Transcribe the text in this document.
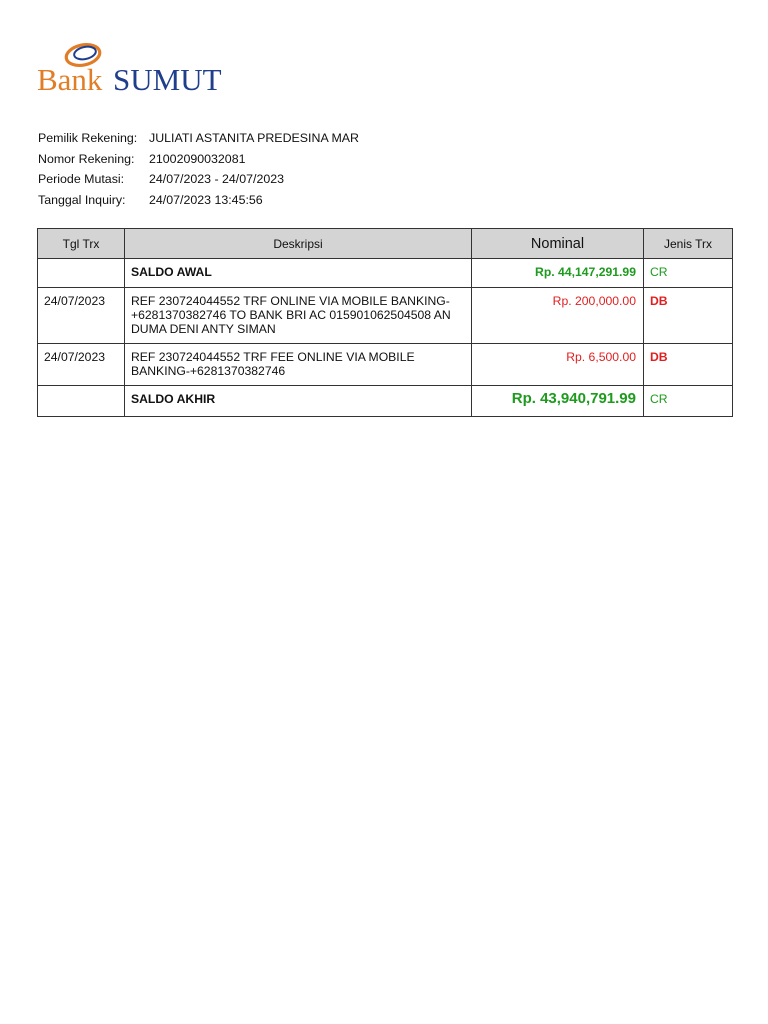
Bank SUMUT
Pemilik Rekening: JULIATI ASTANITA PREDESINA MAR
Nomor Rekening:	21002090032081
Periode Mutasi:	24/07/2023 - 24/07/2023
Tanggal Inquiry:	24/07/2023 13:45:56
Tgl Trx	Deskripsi	Nominal	Jenis Trx
	SALDO AWAL	Rp. 44,147,291.99	CR
24/07/2023	REF 230724044552 TRF ONLINE VIA MOBILE BANKING-+6281370382746 TO BANK BRI AC 015901062504508 AN DUMA DENI ANTY SIMAN	Rp. 200,000.00	DB
24/07/2023	REF 230724044552 TRF FEE ONLINE VIA MOBILE BANKING-+6281370382746	Rp. 6,500.00	DB
	SALDO AKHIR	Rp. 43,940,791.99	CR
